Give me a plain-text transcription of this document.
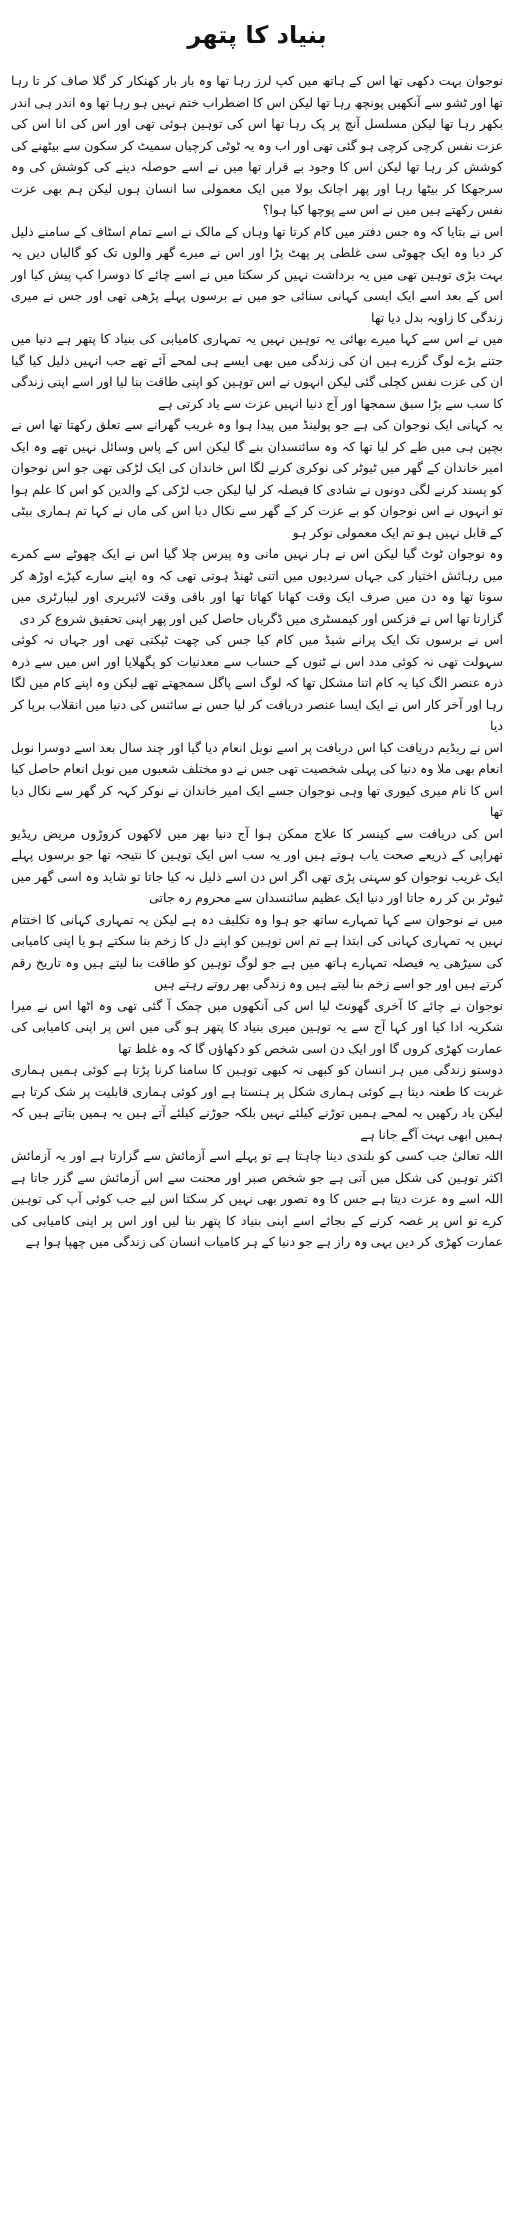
بنیاد کا پتھر

نوجوان بہت دکھی تھا اس کے ہاتھ میں کپ لرز رہا تھا وہ بار بار کھنکار کر گلا صاف کر تا رہا تھا اور ٹشو سے آنکھیں پونچھ رہا تھا لیکن اس کا اضطراب ختم نہیں ہو رہا تھا وہ اندر ہی اندر بکھر رہا تھا لیکن مسلسل آنچ پر پک رہا تھا اس کی توہین ہوئی تھی اور اس کی انا اس کی عزت نفس کرچی کرچی ہو گئی تھی اور اب وہ یہ ٹوٹی کرچیاں سمیٹ کر سکون سے بیٹھنے کی کوشش کر رہا تھا لیکن اس کا وجود بے قرار تھا میں نے اسے حوصلہ دینے کی کوشش کی وہ سرجھکا کر بیٹھا رہا اور پھر اچانک بولا میں ایک معمولی سا انسان ہوں لیکن ہم بھی عزت نفس رکھتے ہیں میں نے اس سے پوچھا کیا ہوا؟

اس نے بتایا کہ وہ جس دفتر میں کام کرتا تھا وہاں کے مالک نے اسے تمام اسٹاف کے سامنے ذلیل کر دیا وہ ایک چھوٹی سی غلطی پر پھٹ پڑا اور اس نے میرے گھر والوں تک کو گالیاں دیں یہ بہت بڑی توہین تھی میں یہ برداشت نہیں کر سکتا میں نے اسے چائے کا دوسرا کپ پیش کیا اور اس کے بعد اسے ایک ایسی کہانی سنائی جو میں نے برسوں پہلے پڑھی تھی اور جس نے میری زندگی کا زاویہ بدل دیا تھا

میں نے اس سے کہا میرے بھائی یہ توہین نہیں یہ تمہاری کامیابی کی بنیاد کا پتھر ہے دنیا میں جتنے بڑے لوگ گزرے ہیں ان کی زندگی میں بھی ایسے ہی لمحے آئے تھے جب انہیں ذلیل کیا گیا ان کی عزت نفس کچلی گئی لیکن انہوں نے اس توہین کو اپنی طاقت بنا لیا اور اسے اپنی زندگی کا سب سے بڑا سبق سمجھا اور آج دنیا انہیں عزت سے یاد کرتی ہے

یہ کہانی ایک نوجوان کی ہے جو پولینڈ میں پیدا ہوا وہ غریب گھرانے سے تعلق رکھتا تھا اس نے بچپن ہی میں طے کر لیا تھا کہ وہ سائنسدان بنے گا لیکن اس کے پاس وسائل نہیں تھے وہ ایک امیر خاندان کے گھر میں ٹیوٹر کی نوکری کرنے لگا اس خاندان کی ایک لڑکی تھی جو اس نوجوان کو پسند کرنے لگی دونوں نے شادی کا فیصلہ کر لیا لیکن جب لڑکی کے والدین کو اس کا علم ہوا تو انہوں نے اس نوجوان کو بے عزت کر کے گھر سے نکال دیا اس کی ماں نے کہا تم ہماری بیٹی کے قابل نہیں ہو تم ایک معمولی نوکر ہو

وہ نوجوان ٹوٹ گیا لیکن اس نے ہار نہیں مانی وہ پیرس چلا گیا اس نے ایک چھوٹے سے کمرے میں رہائش اختیار کی جہاں سردیوں میں اتنی ٹھنڈ ہوتی تھی کہ وہ اپنے سارے کپڑے اوڑھ کر سوتا تھا وہ دن میں صرف ایک وقت کھانا کھاتا تھا اور باقی وقت لائبریری اور لیبارٹری میں گزارتا تھا اس نے فزکس اور کیمسٹری میں ڈگریاں حاصل کیں اور پھر اپنی تحقیق شروع کر دی

اس نے برسوں تک ایک پرانے شیڈ میں کام کیا جس کی چھت ٹپکتی تھی اور جہاں نہ کوئی سہولت تھی نہ کوئی مدد اس نے ٹنوں کے حساب سے معدنیات کو پگھلایا اور اس میں سے ذرہ ذرہ عنصر الگ کیا یہ کام اتنا مشکل تھا کہ لوگ اسے پاگل سمجھتے تھے لیکن وہ اپنے کام میں لگا رہا اور آخر کار اس نے ایک ایسا عنصر دریافت کر لیا جس نے سائنس کی دنیا میں انقلاب برپا کر دیا

اس نے ریڈیم دریافت کیا اس دریافت پر اسے نوبل انعام دیا گیا اور چند سال بعد اسے دوسرا نوبل انعام بھی ملا وہ دنیا کی پہلی شخصیت تھی جس نے دو مختلف شعبوں میں نوبل انعام حاصل کیا اس کا نام میری کیوری تھا وہی نوجوان جسے ایک امیر خاندان نے نوکر کہہ کر گھر سے نکال دیا تھا

اس کی دریافت سے کینسر کا علاج ممکن ہوا آج دنیا بھر میں لاکھوں کروڑوں مریض ریڈیو تھراپی کے ذریعے صحت یاب ہوتے ہیں اور یہ سب اس ایک توہین کا نتیجہ تھا جو برسوں پہلے ایک غریب نوجوان کو سہنی پڑی تھی اگر اس دن اسے ذلیل نہ کیا جاتا تو شاید وہ اسی گھر میں ٹیوٹر بن کر رہ جاتا اور دنیا ایک عظیم سائنسدان سے محروم رہ جاتی

میں نے نوجوان سے کہا تمہارے ساتھ جو ہوا وہ تکلیف دہ ہے لیکن یہ تمہاری کہانی کا اختتام نہیں یہ تمہاری کہانی کی ابتدا ہے تم اس توہین کو اپنے دل کا زخم بنا سکتے ہو یا اپنی کامیابی کی سیڑھی یہ فیصلہ تمہارے ہاتھ میں ہے جو لوگ توہین کو طاقت بنا لیتے ہیں وہ تاریخ رقم کرتے ہیں اور جو اسے زخم بنا لیتے ہیں وہ زندگی بھر روتے رہتے ہیں

نوجوان نے چائے کا آخری گھونٹ لیا اس کی آنکھوں میں چمک آ گئی تھی وہ اٹھا اس نے میرا شکریہ ادا کیا اور کہا آج سے یہ توہین میری بنیاد کا پتھر ہو گی میں اس پر اپنی کامیابی کی عمارت کھڑی کروں گا اور ایک دن اسی شخص کو دکھاؤں گا کہ وہ غلط تھا

دوستو زندگی میں ہر انسان کو کبھی نہ کبھی توہین کا سامنا کرنا پڑتا ہے کوئی ہمیں ہماری غربت کا طعنہ دیتا ہے کوئی ہماری شکل پر ہنستا ہے اور کوئی ہماری قابلیت پر شک کرتا ہے لیکن یاد رکھیں یہ لمحے ہمیں توڑنے کیلئے نہیں بلکہ جوڑنے کیلئے آتے ہیں یہ ہمیں بتاتے ہیں کہ ہمیں ابھی بہت آگے جانا ہے

اللہ تعالیٰ جب کسی کو بلندی دینا چاہتا ہے تو پہلے اسے آزمائش سے گزارتا ہے اور یہ آزمائش اکثر توہین کی شکل میں آتی ہے جو شخص صبر اور محنت سے اس آزمائش سے گزر جاتا ہے اللہ اسے وہ عزت دیتا ہے جس کا وہ تصور بھی نہیں کر سکتا اس لیے جب کوئی آپ کی توہین کرے تو اس پر غصہ کرنے کے بجائے اسے اپنی بنیاد کا پتھر بنا لیں اور اس پر اپنی کامیابی کی عمارت کھڑی کر دیں یہی وہ راز ہے جو دنیا کے ہر کامیاب انسان کی زندگی میں چھپا ہوا ہے
